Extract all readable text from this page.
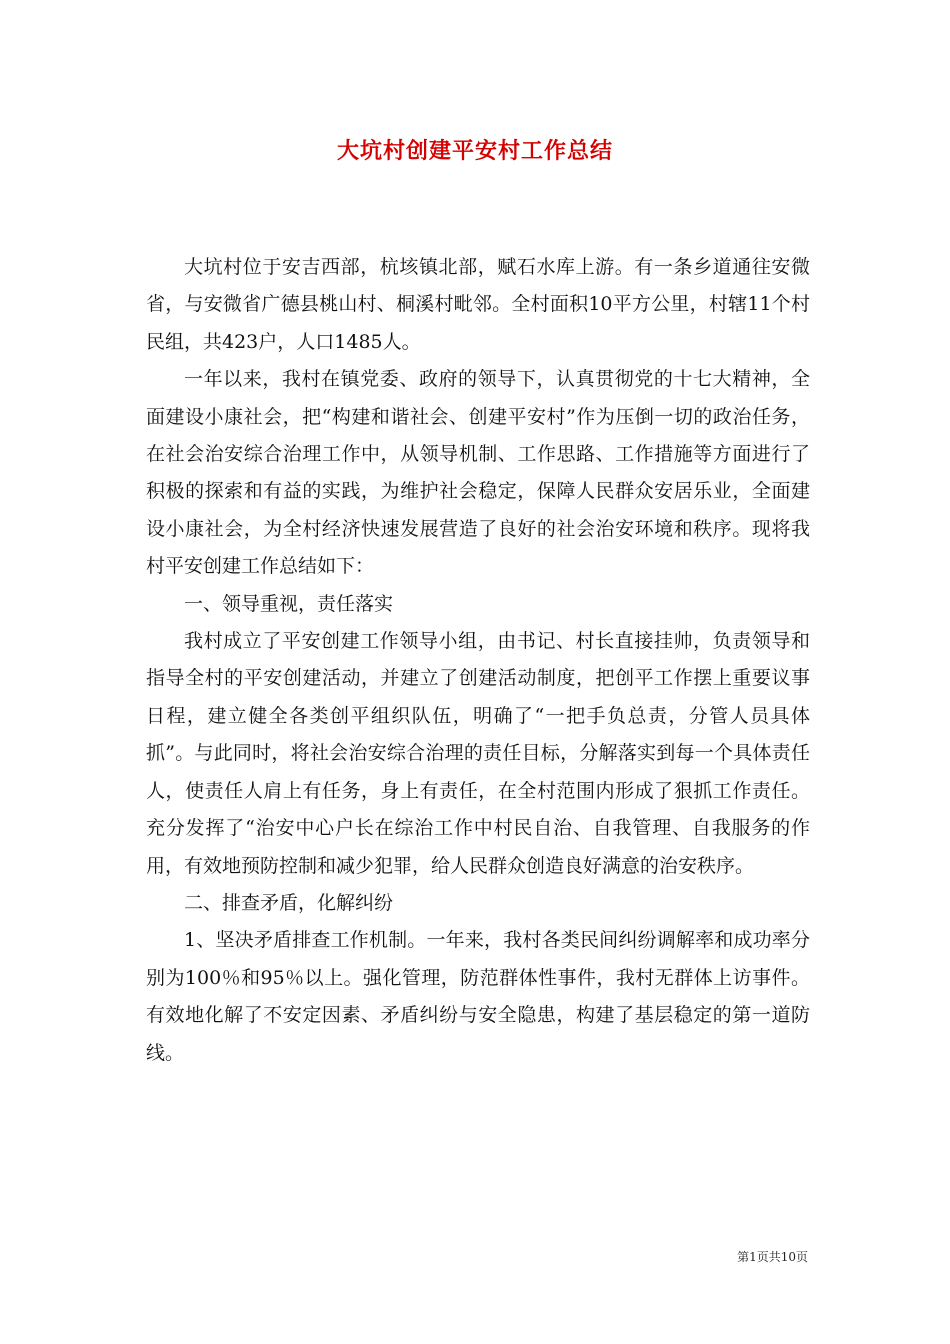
大坑村创建平安村工作总结

大坑村位于安吉西部，杭垓镇北部，赋石水库上游。有一条乡道通往安微省，与安微省广德县桃山村、桐溪村毗邻。全村面积10平方公里，村辖11个村民组，共423户，人口1485人。

一年以来，我村在镇党委、政府的领导下，认真贯彻党的十七大精神，全面建设小康社会，把“构建和谐社会、创建平安村”作为压倒一切的政治任务，在社会治安综合治理工作中，从领导机制、工作思路、工作措施等方面进行了积极的探索和有益的实践，为维护社会稳定，保障人民群众安居乐业，全面建设小康社会，为全村经济快速发展营造了良好的社会治安环境和秩序。现将我村平安创建工作总结如下：

一、领导重视，责任落实

我村成立了平安创建工作领导小组，由书记、村长直接挂帅，负责领导和指导全村的平安创建活动，并建立了创建活动制度，把创平工作摆上重要议事日程，建立健全各类创平组织队伍，明确了“一把手负总责，分管人员具体抓”。与此同时，将社会治安综合治理的责任目标，分解落实到每一个具体责任人，使责任人肩上有任务，身上有责任，在全村范围内形成了狠抓工作责任。充分发挥了“治安中心户长在综治工作中村民自治、自我管理、自我服务的作用，有效地预防控制和减少犯罪，给人民群众创造良好满意的治安秩序。

二、排查矛盾，化解纠纷

1、坚决矛盾排查工作机制。一年来，我村各类民间纠纷调解率和成功率分别为100％和95％以上。强化管理，防范群体性事件，我村无群体上访事件。有效地化解了不安定因素、矛盾纠纷与安全隐患，构建了基层稳定的第一道防线。

第1页共10页
